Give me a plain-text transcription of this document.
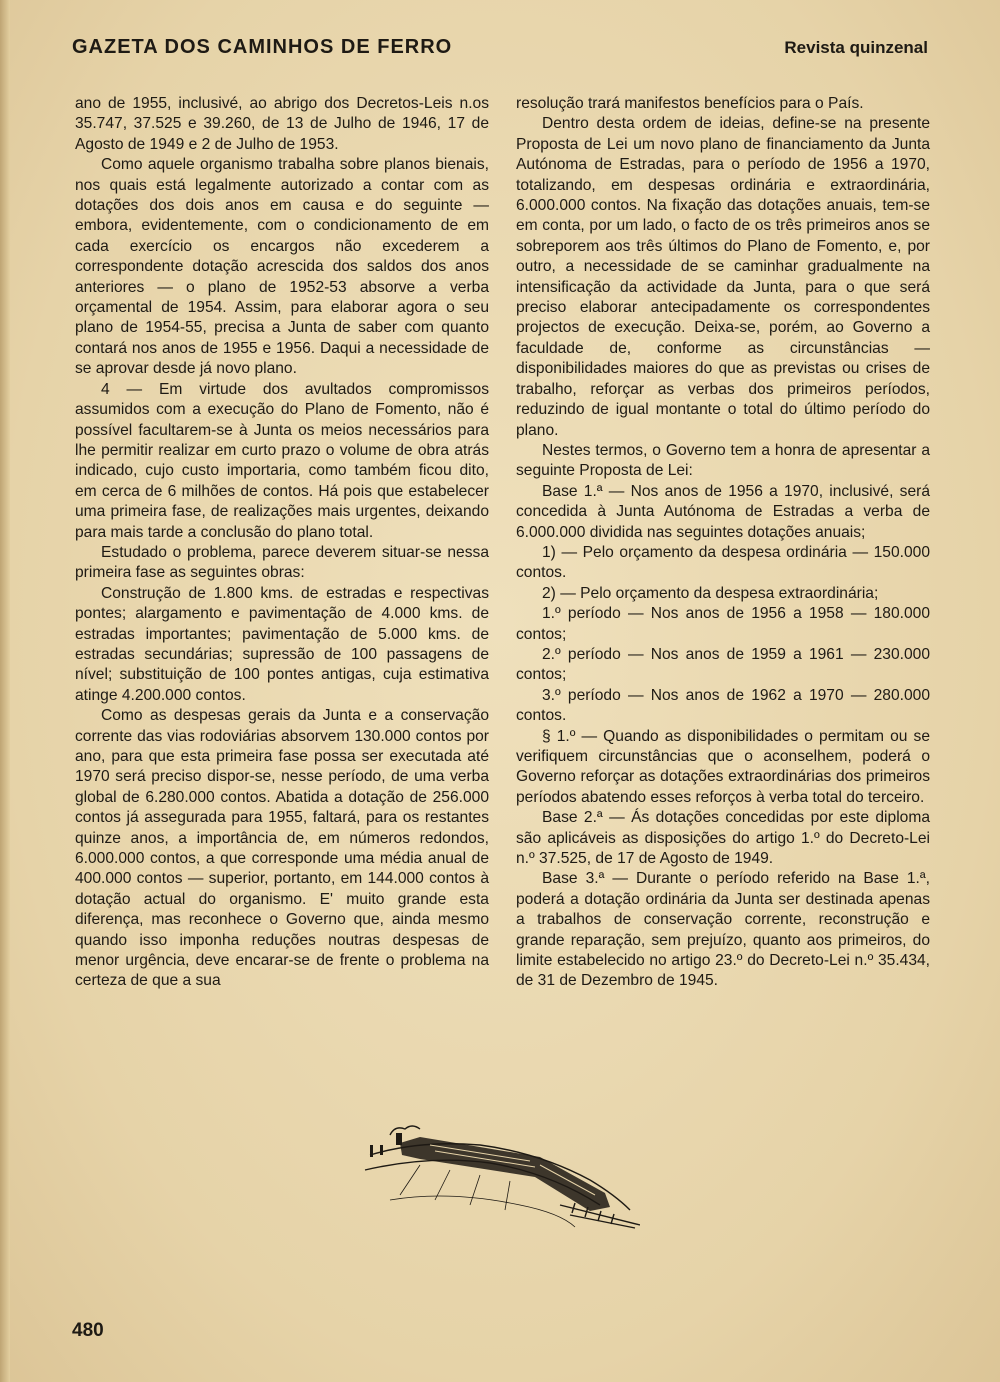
GAZETA DOS CAMINHOS DE FERRO	Revista quinzenal

ano de 1955, inclusivé, ao abrigo dos Decretos-Leis n.os 35.747, 37.525 e 39.260, de 13 de Julho de 1946, 17 de Agosto de 1949 e 2 de Julho de 1953.

Como aquele organismo trabalha sobre planos bienais, nos quais está legalmente autorizado a contar com as dotações dos dois anos em causa e do seguinte — embora, evidentemente, com o condicionamento de em cada exercício os encargos não excederem a correspondente dotação acrescida dos saldos dos anos anteriores — o plano de 1952-53 absorve a verba orçamental de 1954. Assim, para elaborar agora o seu plano de 1954-55, precisa a Junta de saber com quanto contará nos anos de 1955 e 1956. Daqui a necessidade de se aprovar desde já novo plano.

4 — Em virtude dos avultados compromissos assumidos com a execução do Plano de Fomento, não é possível facultarem-se à Junta os meios necessários para lhe permitir realizar em curto prazo o volume de obra atrás indicado, cujo custo importaria, como também ficou dito, em cerca de 6 milhões de contos. Há pois que estabelecer uma primeira fase, de realizações mais urgentes, deixando para mais tarde a conclusão do plano total.

Estudado o problema, parece deverem situar-se nessa primeira fase as seguintes obras:

Construção de 1.800 kms. de estradas e respectivas pontes; alargamento e pavimentação de 4.000 kms. de estradas importantes; pavimentação de 5.000 kms. de estradas secundárias; supressão de 100 passagens de nível; substituição de 100 pontes antigas, cuja estimativa atinge 4.200.000 contos.

Como as despesas gerais da Junta e a conservação corrente das vias rodoviárias absorvem 130.000 contos por ano, para que esta primeira fase possa ser executada até 1970 será preciso dispor-se, nesse período, de uma verba global de 6.280.000 contos. Abatida a dotação de 256.000 contos já assegurada para 1955, faltará, para os restantes quinze anos, a importância de, em números redondos, 6.000.000 contos, a que corresponde uma média anual de 400.000 contos — superior, portanto, em 144.000 contos à dotação actual do organismo. E' muito grande esta diferença, mas reconhece o Governo que, ainda mesmo quando isso imponha reduções noutras despesas de menor urgência, deve encarar-se de frente o problema na certeza de que a sua

resolução trará manifestos benefícios para o País.

Dentro desta ordem de ideias, define-se na presente Proposta de Lei um novo plano de financiamento da Junta Autónoma de Estradas, para o período de 1956 a 1970, totalizando, em despesas ordinária e extraordinária, 6.000.000 contos. Na fixação das dotações anuais, tem-se em conta, por um lado, o facto de os três primeiros anos se sobreporem aos três últimos do Plano de Fomento, e, por outro, a necessidade de se caminhar gradualmente na intensificação da actividade da Junta, para o que será preciso elaborar antecipadamente os correspondentes projectos de execução. Deixa-se, porém, ao Governo a faculdade de, conforme as circunstâncias — disponibilidades maiores do que as previstas ou crises de trabalho, reforçar as verbas dos primeiros períodos, reduzindo de igual montante o total do último período do plano.

Nestes termos, o Governo tem a honra de apresentar a seguinte Proposta de Lei:

Base 1.ª — Nos anos de 1956 a 1970, inclusivé, será concedida à Junta Autónoma de Estradas a verba de 6.000.000 dividida nas seguintes dotações anuais;

1) — Pelo orçamento da despesa ordinária — 150.000 contos.

2) — Pelo orçamento da despesa extraordinária;

1.º período — Nos anos de 1956 a 1958 — 180.000 contos;

2.º período — Nos anos de 1959 a 1961 — 230.000 contos;

3.º período — Nos anos de 1962 a 1970 — 280.000 contos.

§ 1.º — Quando as disponibilidades o permitam ou se verifiquem circunstâncias que o aconselhem, poderá o Governo reforçar as dotações extraordinárias dos primeiros períodos abatendo esses reforços à verba total do terceiro.

Base 2.ª — Ás dotações concedidas por este diploma são aplicáveis as disposições do artigo 1.º do Decreto-Lei n.º 37.525, de 17 de Agosto de 1949.

Base 3.ª — Durante o período referido na Base 1.ª, poderá a dotação ordinária da Junta ser destinada apenas a trabalhos de conservação corrente, reconstrução e grande reparação, sem prejuízo, quanto aos primeiros, do limite estabelecido no artigo 23.º do Decreto-Lei n.º 35.434, de 31 de Dezembro de 1945.

480
